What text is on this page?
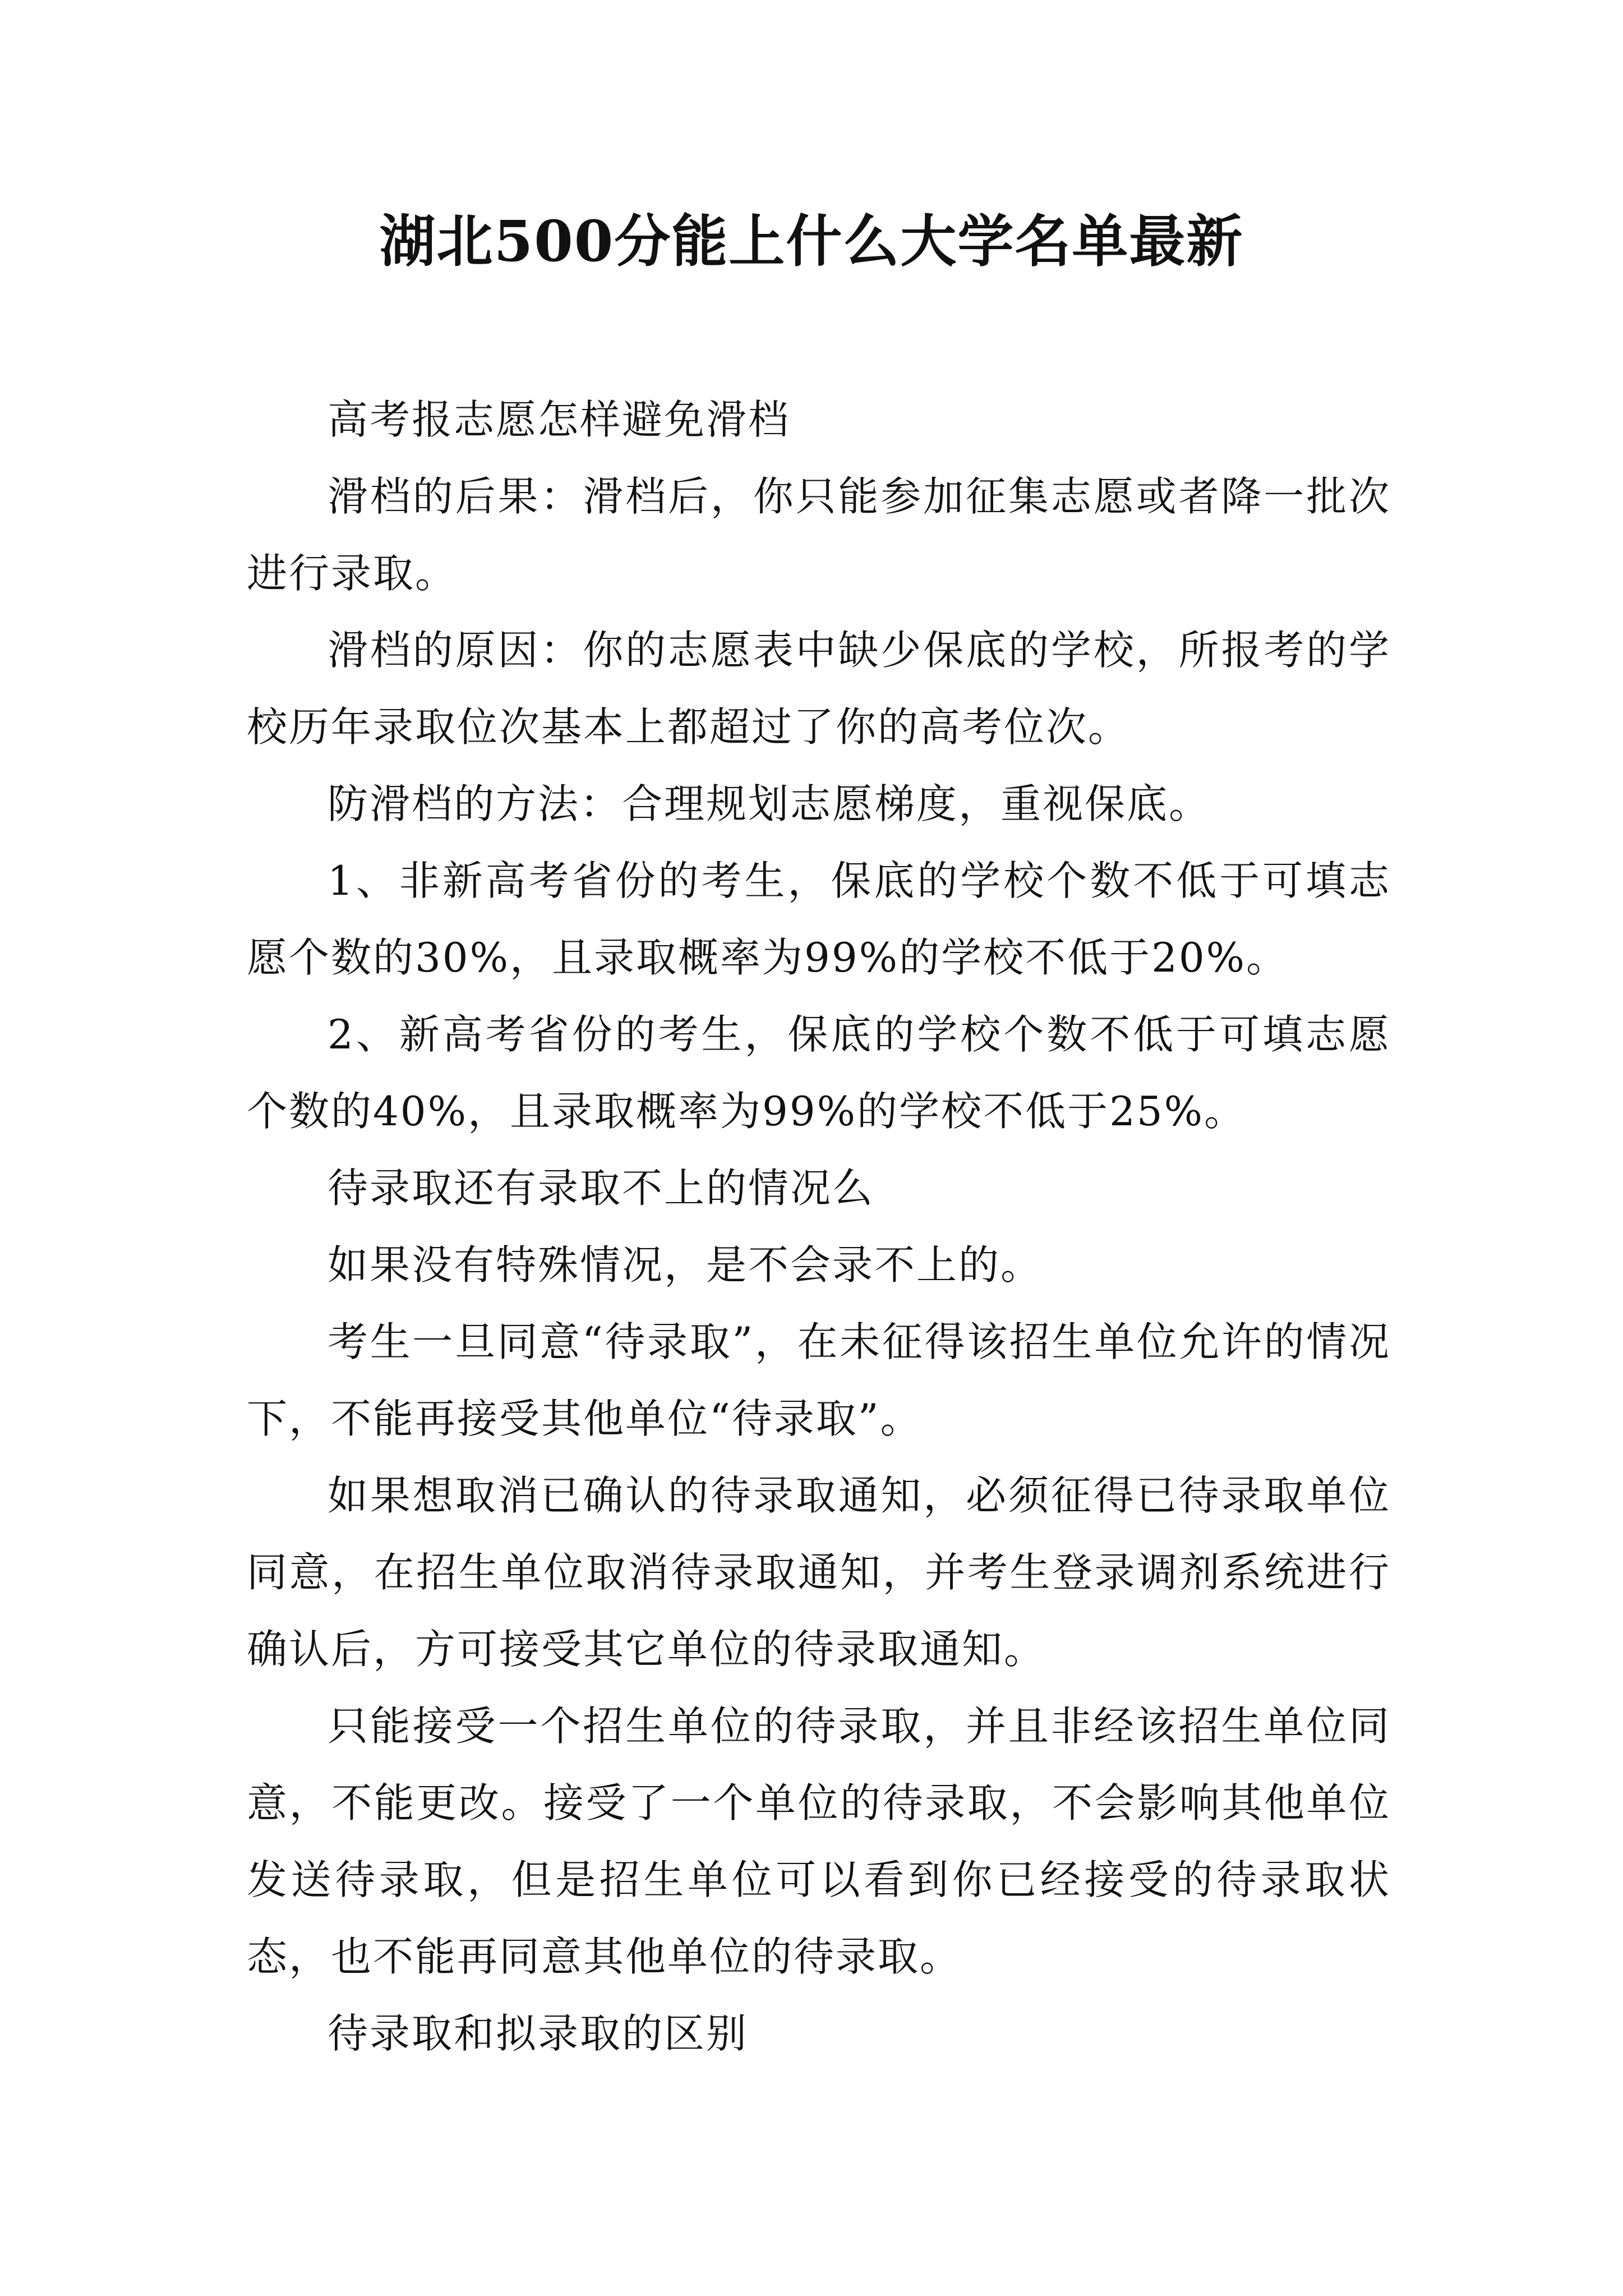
湖北500分能上什么大学名单最新

高考报志愿怎样避免滑档

滑档的后果：滑档后，你只能参加征集志愿或者降一批次进行录取。

滑档的原因：你的志愿表中缺少保底的学校，所报考的学校历年录取位次基本上都超过了你的高考位次。

防滑档的方法：合理规划志愿梯度，重视保底。

1、非新高考省份的考生，保底的学校个数不低于可填志愿个数的30%，且录取概率为99%的学校不低于20%。

2、新高考省份的考生，保底的学校个数不低于可填志愿个数的40%，且录取概率为99%的学校不低于25%。

待录取还有录取不上的情况么

如果没有特殊情况，是不会录不上的。

考生一旦同意“待录取”，在未征得该招生单位允许的情况下，不能再接受其他单位“待录取”。

如果想取消已确认的待录取通知，必须征得已待录取单位同意，在招生单位取消待录取通知，并考生登录调剂系统进行确认后，方可接受其它单位的待录取通知。

只能接受一个招生单位的待录取，并且非经该招生单位同意，不能更改。接受了一个单位的待录取，不会影响其他单位发送待录取，但是招生单位可以看到你已经接受的待录取状态，也不能再同意其他单位的待录取。

待录取和拟录取的区别
